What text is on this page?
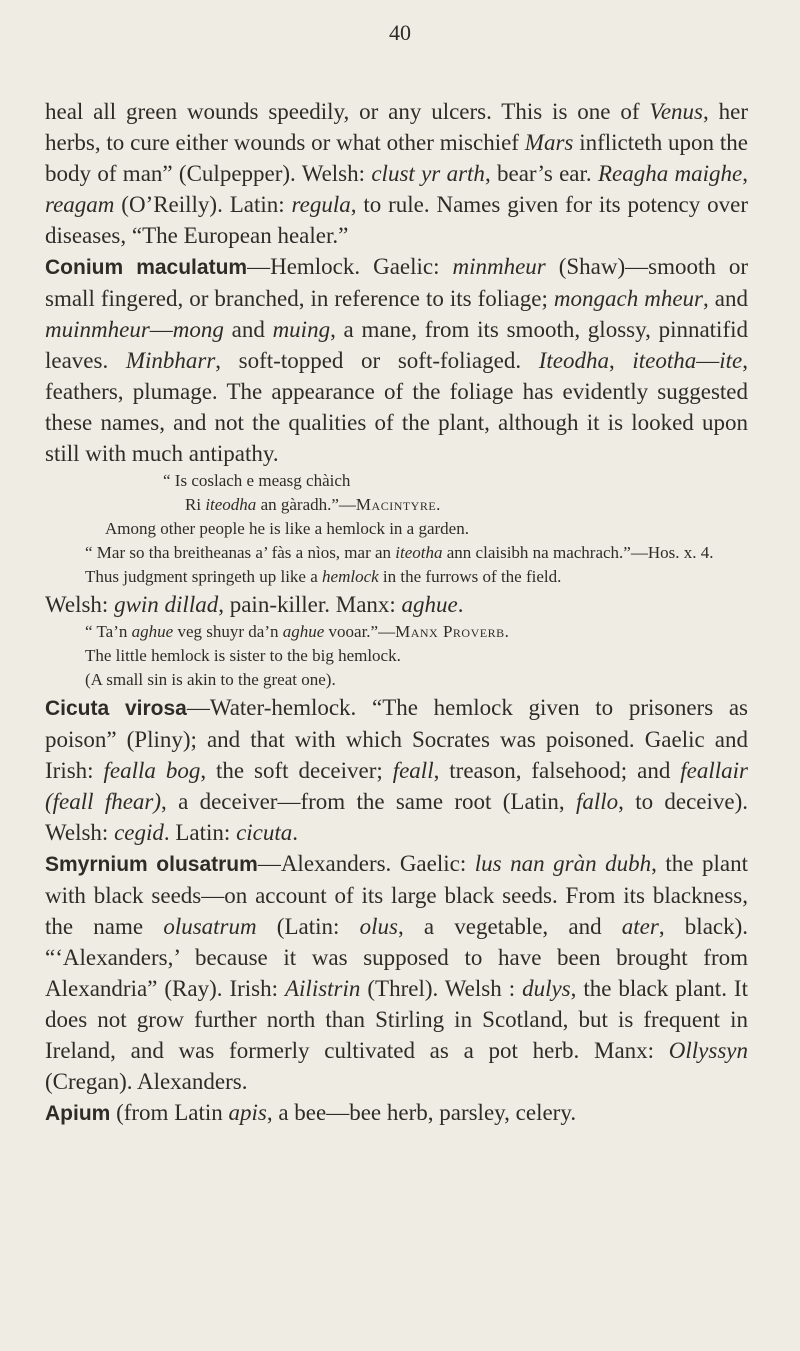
40

heal all green wounds speedily, or any ulcers. This is one of Venus, her herbs, to cure either wounds or what other mischief Mars inflicteth upon the body of man” (Culpepper). Welsh: clust yr arth, bear’s ear. Reagha maighe, reagam (O’Reilly). Latin: regula, to rule. Names given for its potency over diseases, “The European healer.”

Conium maculatum—Hemlock. Gaelic: minmheur (Shaw)—smooth or small fingered, or branched, in reference to its foliage; mongach mheur, and muinmheur—mong and muing, a mane, from its smooth, glossy, pinnatifid leaves. Minbharr, soft-topped or soft-foliaged. Iteodha, iteotha—ite, feathers, plumage. The appearance of the foliage has evidently suggested these names, and not the qualities of the plant, although it is looked upon still with much antipathy.

“ Is coslach e measg chàich
Ri iteodha an gàradh.”—Macintyre.
Among other people he is like a hemlock in a garden.
“ Mar so tha breitheanas a’ fàs a nìos, mar an iteotha ann claisibh na machrach.”—Hos. x. 4.
Thus judgment springeth up like a hemlock in the furrows of the field.

Welsh: gwin dillad, pain-killer. Manx: aghue.

“ Ta’n aghue veg shuyr da’n aghue vooar.”—Manx Proverb.
The little hemlock is sister to the big hemlock.
(A small sin is akin to the great one).

Cicuta virosa—Water-hemlock. “The hemlock given to prisoners as poison” (Pliny); and that with which Socrates was poisoned. Gaelic and Irish: fealla bog, the soft deceiver; feall, treason, falsehood; and feallair (feall fhear), a deceiver—from the same root (Latin, fallo, to deceive). Welsh: cegid. Latin: cicuta.

Smyrnium olusatrum—Alexanders. Gaelic: lus nan gràn dubh, the plant with black seeds—on account of its large black seeds. From its blackness, the name olusatrum (Latin: olus, a vegetable, and ater, black). “‘Alexanders,’ because it was supposed to have been brought from Alexandria” (Ray). Irish: Ailistrin (Threl). Welsh : dulys, the black plant. It does not grow further north than Stirling in Scotland, but is frequent in Ireland, and was formerly cultivated as a pot herb. Manx: Ollyssyn (Cregan). Alexanders.

Apium (from Latin apis, a bee—bee herb, parsley, celery.
